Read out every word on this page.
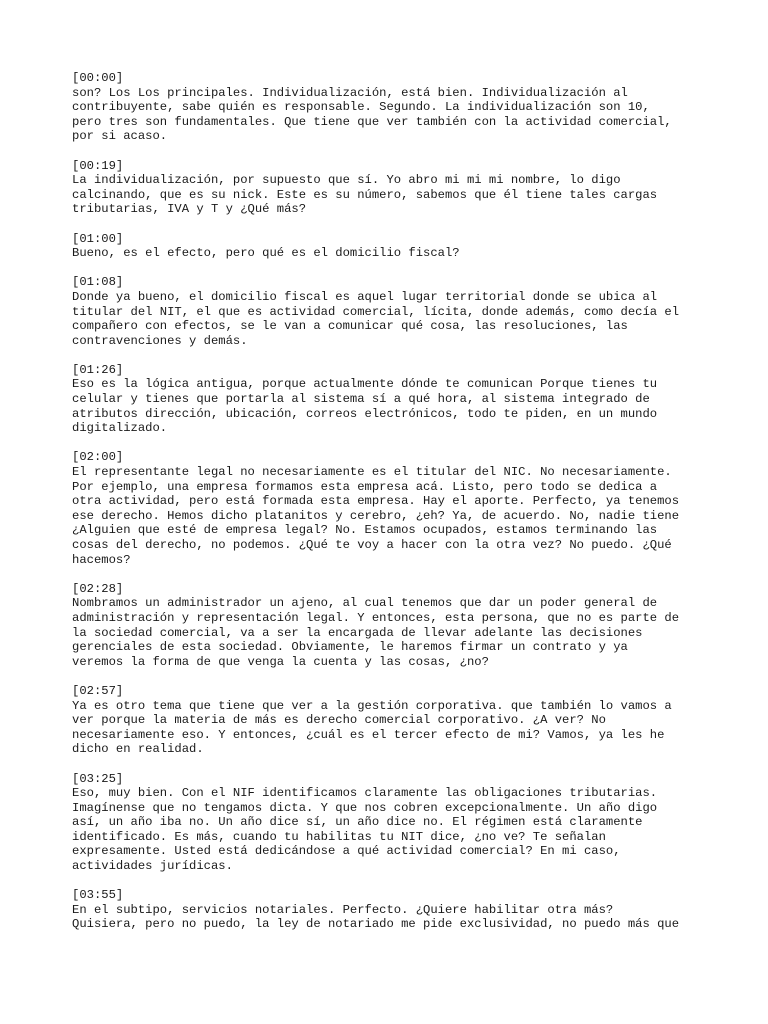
[00:00]
son? Los Los principales. Individualización, está bien. Individualización al
contribuyente, sabe quién es responsable. Segundo. La individualización son 10,
pero tres son fundamentales. Que tiene que ver también con la actividad comercial,
por si acaso.
[00:19]
La individualización, por supuesto que sí. Yo abro mi mi mi nombre, lo digo
calcinando, que es su nick. Este es su número, sabemos que él tiene tales cargas
tributarias, IVA y T y ¿Qué más?
[01:00]
Bueno, es el efecto, pero qué es el domicilio fiscal?
[01:08]
Donde ya bueno, el domicilio fiscal es aquel lugar territorial donde se ubica al
titular del NIT, el que es actividad comercial, lícita, donde además, como decía el
compañero con efectos, se le van a comunicar qué cosa, las resoluciones, las
contravenciones y demás.
[01:26]
Eso es la lógica antigua, porque actualmente dónde te comunican Porque tienes tu
celular y tienes que portarla al sistema sí a qué hora, al sistema integrado de
atributos dirección, ubicación, correos electrónicos, todo te piden, en un mundo
digitalizado.
[02:00]
El representante legal no necesariamente es el titular del NIC. No necesariamente.
Por ejemplo, una empresa formamos esta empresa acá. Listo, pero todo se dedica a
otra actividad, pero está formada esta empresa. Hay el aporte. Perfecto, ya tenemos
ese derecho. Hemos dicho platanitos y cerebro, ¿eh? Ya, de acuerdo. No, nadie tiene
¿Alguien que esté de empresa legal? No. Estamos ocupados, estamos terminando las
cosas del derecho, no podemos. ¿Qué te voy a hacer con la otra vez? No puedo. ¿Qué
hacemos?
[02:28]
Nombramos un administrador un ajeno, al cual tenemos que dar un poder general de
administración y representación legal. Y entonces, esta persona, que no es parte de
la sociedad comercial, va a ser la encargada de llevar adelante las decisiones
gerenciales de esta sociedad. Obviamente, le haremos firmar un contrato y ya
veremos la forma de que venga la cuenta y las cosas, ¿no?
[02:57]
Ya es otro tema que tiene que ver a la gestión corporativa. que también lo vamos a
ver porque la materia de más es derecho comercial corporativo. ¿A ver? No
necesariamente eso. Y entonces, ¿cuál es el tercer efecto de mi? Vamos, ya les he
dicho en realidad.
[03:25]
Eso, muy bien. Con el NIF identificamos claramente las obligaciones tributarias.
Imagínense que no tengamos dicta. Y que nos cobren excepcionalmente. Un año digo
así, un año iba no. Un año dice sí, un año dice no. El régimen está claramente
identificado. Es más, cuando tu habilitas tu NIT dice, ¿no ve? Te señalan
expresamente. Usted está dedicándose a qué actividad comercial? En mi caso,
actividades jurídicas.
[03:55]
En el subtipo, servicios notariales. Perfecto. ¿Quiere habilitar otra más?
Quisiera, pero no puedo, la ley de notariado me pide exclusividad, no puedo más que
